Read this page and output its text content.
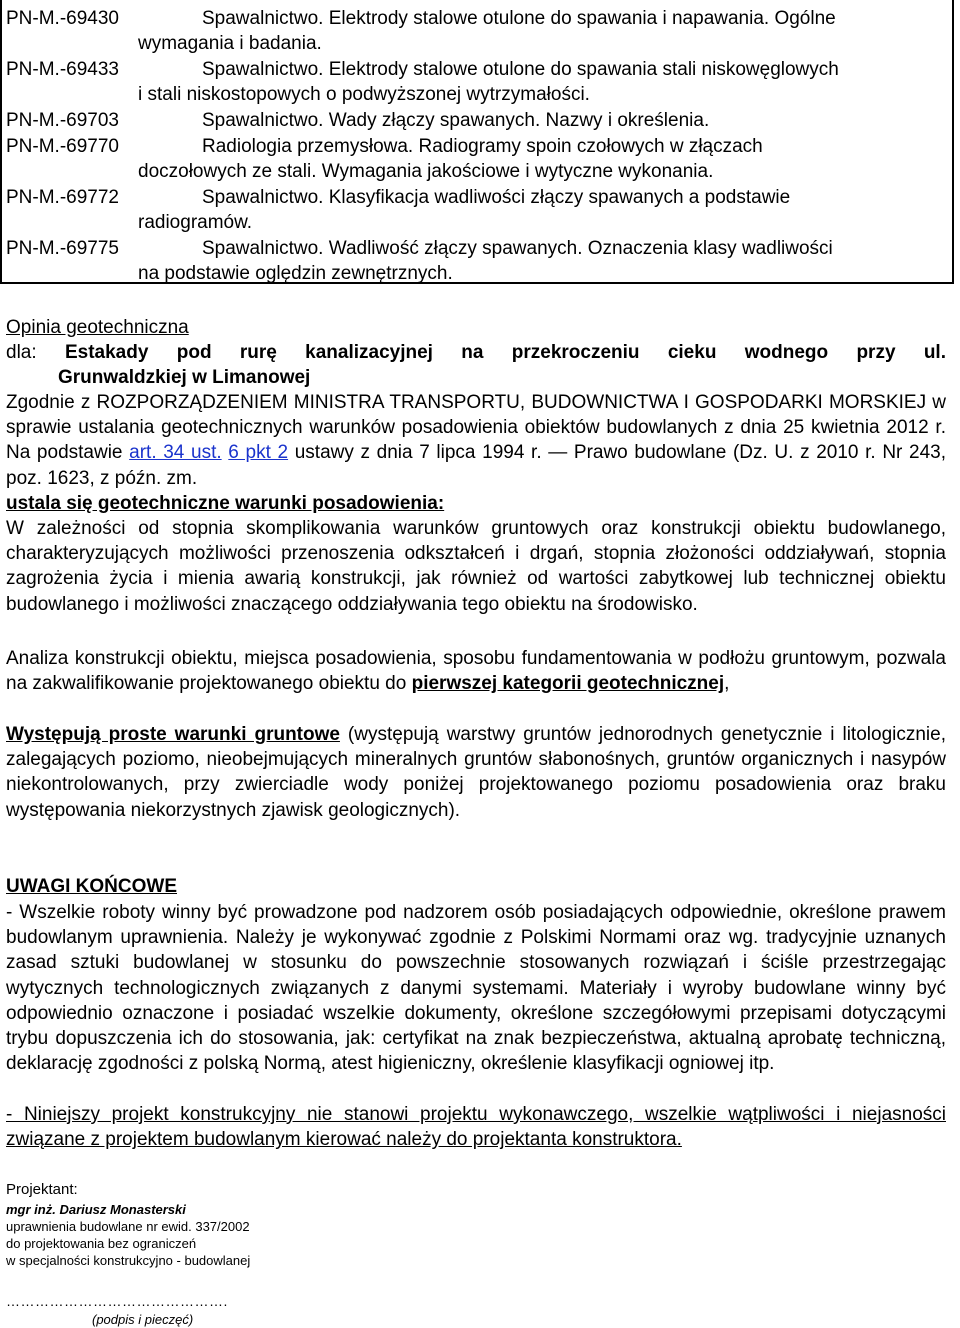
PN-M.-69430	Spawalnictwo. Elektrody stalowe otulone do spawania i napawania. Ogólne
wymagania i badania.
PN-M.-69433	Spawalnictwo. Elektrody stalowe otulone do spawania stali niskowęglowych
i stali niskostopowych o podwyższonej wytrzymałości.
PN-M.-69703	Spawalnictwo. Wady złączy spawanych. Nazwy i określenia.
PN-M.-69770	Radiologia przemysłowa. Radiogramy spoin czołowych w złączach
doczołowych ze stali. Wymagania jakościowe i wytyczne wykonania.
PN-M.-69772	Spawalnictwo. Klasyfikacja wadliwości złączy spawanych a podstawie
radiogramów.
PN-M.-69775	Spawalnictwo. Wadliwość złączy spawanych. Oznaczenia klasy wadliwości
na podstawie oględzin zewnętrznych.
Opinia geotechniczna
dla: Estakady pod rurę kanalizacyjnej na przekroczeniu cieku wodnego przy ul.
Grunwaldzkiej w Limanowej
Zgodnie z ROZPORZĄDZENIEM MINISTRA TRANSPORTU, BUDOWNICTWA I GOSPODARKI MORSKIEJ w sprawie ustalania geotechnicznych warunków posadowienia obiektów budowlanych z dnia 25 kwietnia 2012 r. Na podstawie art. 34 ust. 6 pkt 2 ustawy z dnia 7 lipca 1994 r. — Prawo budowlane (Dz. U. z 2010 r. Nr 243, poz. 1623, z późn. zm.
ustala się geotechniczne warunki posadowienia:
W zależności od stopnia skomplikowania warunków gruntowych oraz konstrukcji obiektu budowlanego, charakteryzujących możliwości przenoszenia odkształceń i drgań, stopnia złożoności oddziaływań, stopnia zagrożenia życia i mienia awarią konstrukcji, jak również od wartości zabytkowej lub technicznej obiektu budowlanego i możliwości znaczącego oddziaływania tego obiektu na środowisko.
Analiza konstrukcji obiektu, miejsca posadowienia, sposobu fundamentowania w podłożu gruntowym, pozwala na zakwalifikowanie projektowanego obiektu do pierwszej kategorii geotechnicznej,
Występują proste warunki gruntowe (występują warstwy gruntów jednorodnych genetycznie i litologicznie, zalegających poziomo, nieobejmujących mineralnych gruntów słabonośnych, gruntów organicznych i nasypów niekontrolowanych, przy zwierciadle wody poniżej projektowanego poziomu posadowienia oraz braku występowania niekorzystnych zjawisk geologicznych).
UWAGI KOŃCOWE
- Wszelkie roboty winny być prowadzone pod nadzorem osób posiadających odpowiednie, określone prawem budowlanym uprawnienia. Należy je wykonywać zgodnie z Polskimi Normami oraz wg. tradycyjnie uznanych zasad sztuki budowlanej w stosunku do powszechnie stosowanych rozwiązań i ściśle przestrzegając wytycznych technologicznych związanych z danymi systemami. Materiały i wyroby budowlane winny być odpowiednio oznaczone i posiadać wszelkie dokumenty, określone szczegółowymi przepisami dotyczącymi trybu dopuszczenia ich do stosowania, jak: certyfikat na znak bezpieczeństwa, aktualną aprobatę techniczną, deklarację zgodności z polską Normą, atest higieniczny, określenie klasyfikacji ogniowej itp.
- Niniejszy projekt konstrukcyjny nie stanowi projektu wykonawczego, wszelkie wątpliwości i niejasności związane z projektem budowlanym kierować należy do projektanta konstruktora.
Projektant:
mgr inż. Dariusz Monasterski
uprawnienia budowlane nr ewid. 337/2002
do projektowania bez ograniczeń
w specjalności konstrukcyjno - budowlanej
……………………………………….
(podpis i pieczęć)
